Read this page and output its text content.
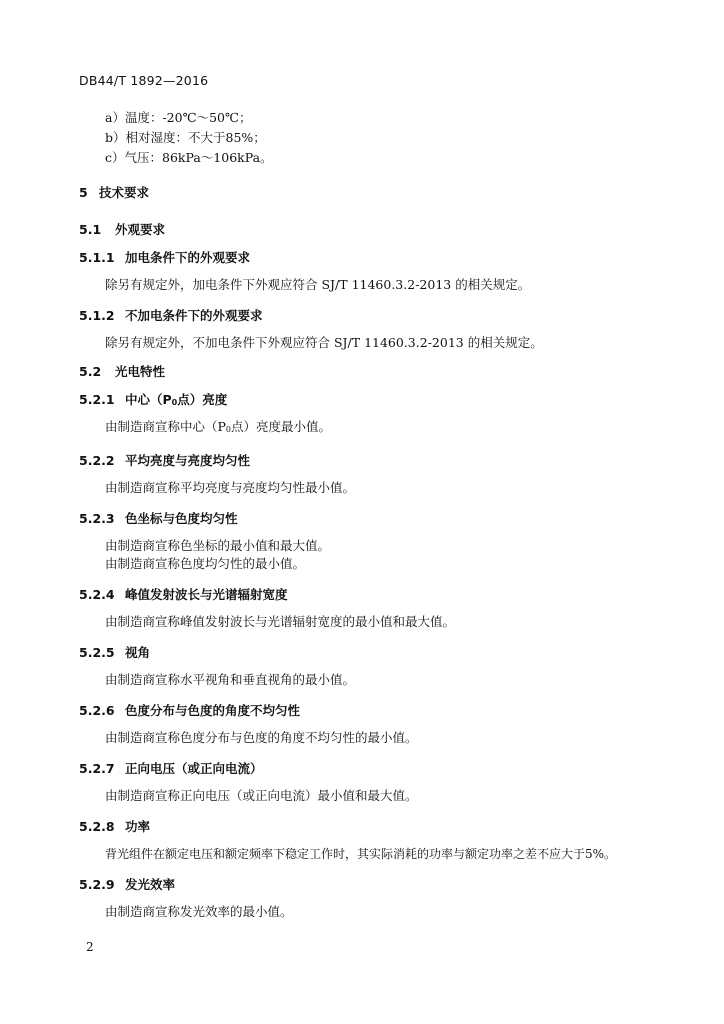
DB44/T 1892—2016
a）温度：-20℃～50℃；
b）相对湿度：不大于85%；
c）气压：86kPa～106kPa。
5 技术要求
5.1 外观要求
5.1.1 加电条件下的外观要求
除另有规定外，加电条件下外观应符合 SJ/T 11460.3.2-2013 的相关规定。
5.1.2 不加电条件下的外观要求
除另有规定外，不加电条件下外观应符合 SJ/T 11460.3.2-2013 的相关规定。
5.2 光电特性
5.2.1 中心（P0点）亮度
由制造商宣称中心（P0点）亮度最小值。
5.2.2 平均亮度与亮度均匀性
由制造商宣称平均亮度与亮度均匀性最小值。
5.2.3 色坐标与色度均匀性
由制造商宣称色坐标的最小值和最大值。
由制造商宣称色度均匀性的最小值。
5.2.4 峰值发射波长与光谱辐射宽度
由制造商宣称峰值发射波长与光谱辐射宽度的最小值和最大值。
5.2.5 视角
由制造商宣称水平视角和垂直视角的最小值。
5.2.6 色度分布与色度的角度不均匀性
由制造商宣称色度分布与色度的角度不均匀性的最小值。
5.2.7 正向电压（或正向电流）
由制造商宣称正向电压（或正向电流）最小值和最大值。
5.2.8 功率
背光组件在额定电压和额定频率下稳定工作时，其实际消耗的功率与额定功率之差不应大于5%。
5.2.9 发光效率
由制造商宣称发光效率的最小值。
2
